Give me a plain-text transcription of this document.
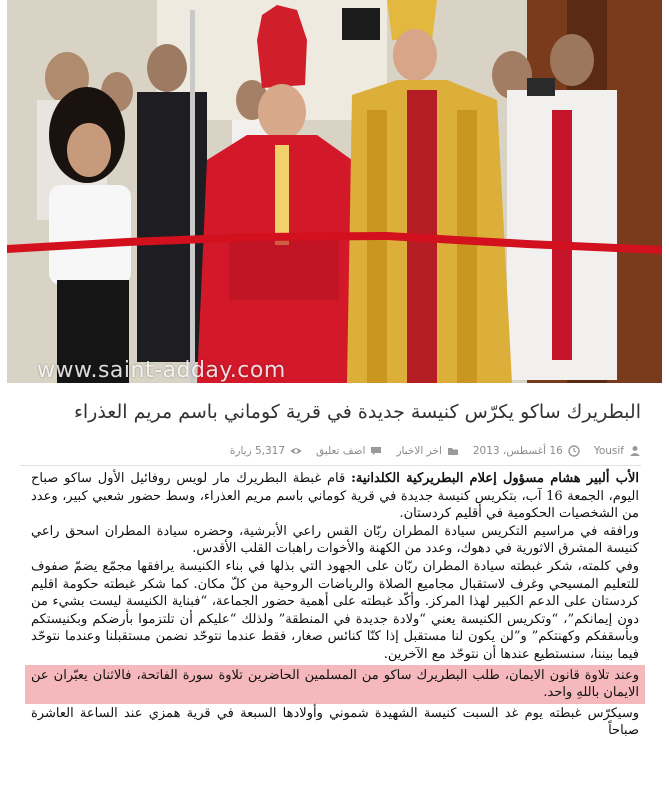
www.saint-adday.com
البطريرك ساكو يكرّس كنيسة جديدة في قرية كوماني باسم مريم العذراء
Yousif
16 أغسطس، 2013
اخر الاخبار
اضف تعليق
5,317 زيارة

الأب ألبير هشام مسؤول إعلام البطريركية الكلدانية: قام غبطة البطريرك مار لويس روفائيل الأول ساكو صباح اليوم، الجمعة 16 آب، بتكريس كنيسة جديدة في قرية كوماني باسم مريم العذراء، وسط حضور شعبي كبير، وعدد من الشخصيات الحكومية في أقليم كردستان.

ورافقه في مراسيم التكريس سيادة المطران ربّان القس راعي الأبرشية، وحضره سيادة المطران اسحق راعي كنيسة المشرق الاثورية في دهوك، وعدد من الكهنة والأخوات راهبات القلب الأقدس.

وفي كلمته، شكر غبطته سيادة المطران ربّان على الجهود التي بذلها في بناء الكنيسة يرافقها مجمّع يضمّ صفوف للتعليم المسيحي وغرف لاستقبال مجاميع الصلاة والرياضات الروحية من كلّ مكان. كما شكر غبطته حكومة اقليم كردستان على الدعم الكبير لهذا المركز. وأكّد غبطته على أهمية حضور الجماعة، “فبناية الكنيسة ليست بشيء من دون إيمانكم”، “وتكريس الكنيسة يعني “ولادة جديدة في المنطقة” ولذلك “عليكم أن تلتزموا بأرضكم وبكنيستكم وبأسقفكم وكهنتكم” و”لن يكون لنا مستقبل إذا كنّا كنائس صغار، فقط عندما نتوحّد نضمن مستقبلنا وعندما نتوحّد فيما بيننا، سنستطيع عندها أن نتوحّد مع الآخرين.

وعند تلاوة قانون الايمان، طلب البطريرك ساكو من المسلمين الحاضرين تلاوة سورة الفاتحة، فالاثنان يعبّران عن الايمان باللهِ واحد.

وسيكرّس غبطته يوم غد السبت كنيسة الشهيدة شموني وأولادها السبعة في قرية همزي عند الساعة العاشرة صباحاً
